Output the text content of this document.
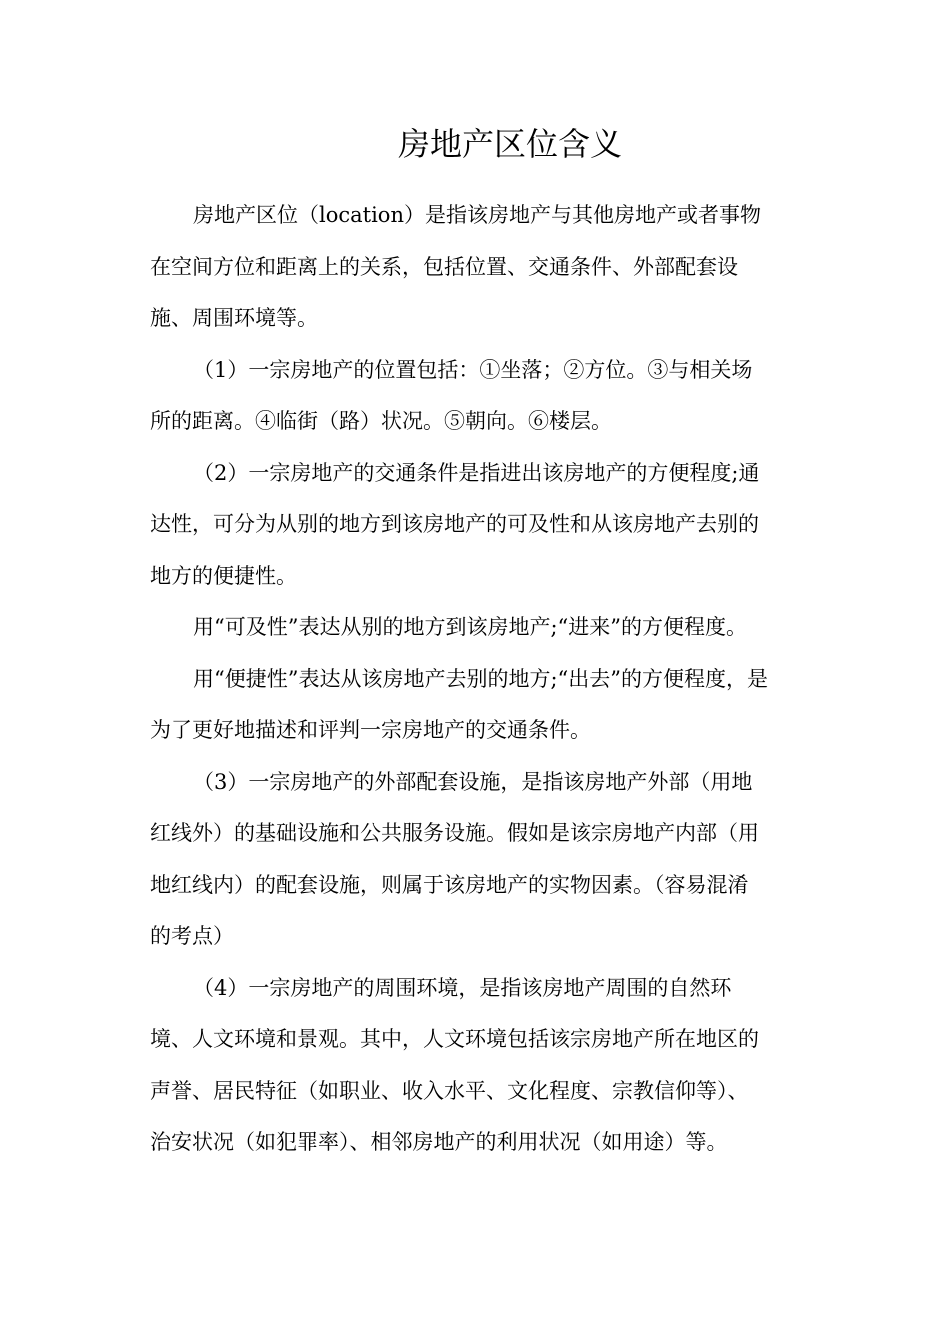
房地产区位含义

房地产区位（location）是指该房地产与其他房地产或者事物

在空间方位和距离上的关系，包括位置、交通条件、外部配套设

施、周围环境等。

（1）一宗房地产的位置包括：①坐落；②方位。③与相关场

所的距离。④临街（路）状况。⑤朝向。⑥楼层。

（2）一宗房地产的交通条件是指进出该房地产的方便程度;通

达性，可分为从别的地方到该房地产的可及性和从该房地产去别的

地方的便捷性。

用“可及性”表达从别的地方到该房地产;“进来”的方便程度。

用“便捷性”表达从该房地产去别的地方;“出去”的方便程度，是

为了更好地描述和评判一宗房地产的交通条件。

（3）一宗房地产的外部配套设施，是指该房地产外部（用地

红线外）的基础设施和公共服务设施。假如是该宗房地产内部（用

地红线内）的配套设施，则属于该房地产的实物因素。（容易混淆

的考点）

（4）一宗房地产的周围环境，是指该房地产周围的自然环

境、人文环境和景观。其中，人文环境包括该宗房地产所在地区的

声誉、居民特征（如职业、收入水平、文化程度、宗教信仰等）、

治安状况（如犯罪率）、相邻房地产的利用状况（如用途）等。
